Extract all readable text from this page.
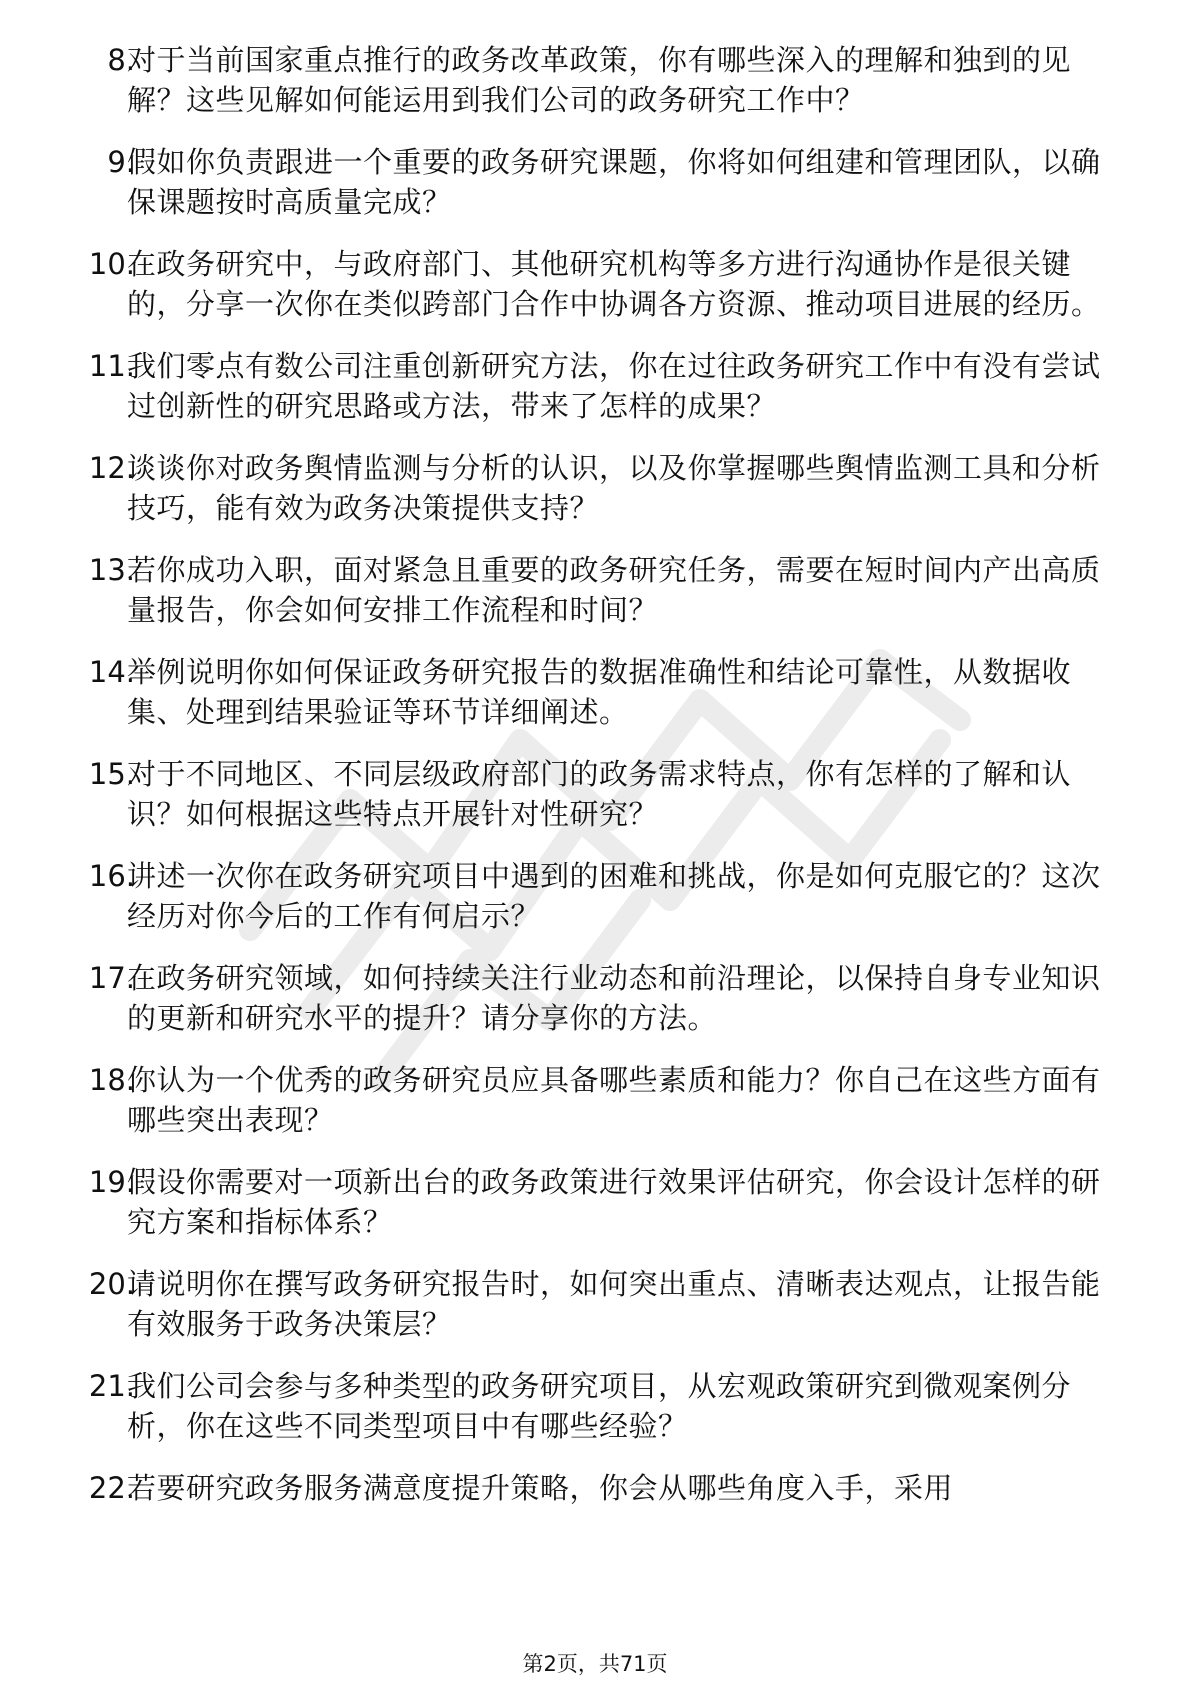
8.
对于当前国家重点推行的政务改革政策，你有哪些深入的理解和独到的见解？这些见解如何能运用到我们公司的政务研究工作中？
9.
假如你负责跟进一个重要的政务研究课题，你将如何组建和管理团队，以确保课题按时高质量完成？
10.
在政务研究中，与政府部门、其他研究机构等多方进行沟通协作是很关键的，分享一次你在类似跨部门合作中协调各方资源、推动项目进展的经历。
11.
我们零点有数公司注重创新研究方法，你在过往政务研究工作中有没有尝试过创新性的研究思路或方法，带来了怎样的成果？
12.
谈谈你对政务舆情监测与分析的认识，以及你掌握哪些舆情监测工具和分析技巧，能有效为政务决策提供支持？
13.
若你成功入职，面对紧急且重要的政务研究任务，需要在短时间内产出高质量报告，你会如何安排工作流程和时间？
14.
举例说明你如何保证政务研究报告的数据准确性和结论可靠性，从数据收集、处理到结果验证等环节详细阐述。
15.
对于不同地区、不同层级政府部门的政务需求特点，你有怎样的了解和认识？如何根据这些特点开展针对性研究？
16.
讲述一次你在政务研究项目中遇到的困难和挑战，你是如何克服它的？这次经历对你今后的工作有何启示？
17.
在政务研究领域，如何持续关注行业动态和前沿理论，以保持自身专业知识的更新和研究水平的提升？请分享你的方法。
18.
你认为一个优秀的政务研究员应具备哪些素质和能力？你自己在这些方面有哪些突出表现？
19.
假设你需要对一项新出台的政务政策进行效果评估研究，你会设计怎样的研究方案和指标体系？
20.
请说明你在撰写政务研究报告时，如何突出重点、清晰表达观点，让报告能有效服务于政务决策层？
21.
我们公司会参与多种类型的政务研究项目，从宏观政策研究到微观案例分析，你在这些不同类型项目中有哪些经验？
22.
若要研究政务服务满意度提升策略，你会从哪些角度入手，采用
第2页，共71页
